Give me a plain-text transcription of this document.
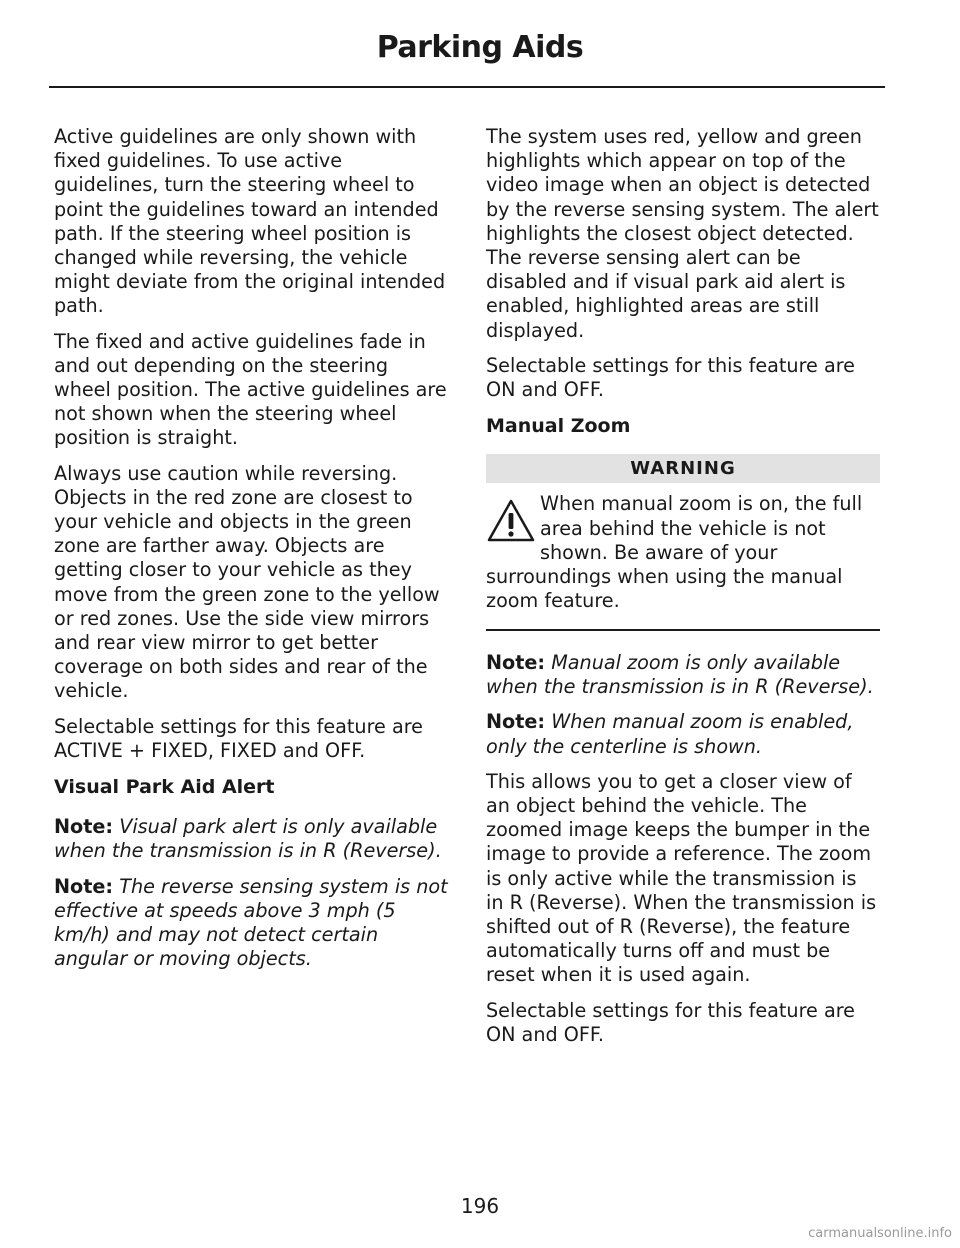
Parking Aids

Active guidelines are only shown with fixed guidelines. To use active guidelines, turn the steering wheel to point the guidelines toward an intended path. If the steering wheel position is changed while reversing, the vehicle might deviate from the original intended path.

The fixed and active guidelines fade in and out depending on the steering wheel position. The active guidelines are not shown when the steering wheel position is straight.

Always use caution while reversing. Objects in the red zone are closest to your vehicle and objects in the green zone are farther away. Objects are getting closer to your vehicle as they move from the green zone to the yellow or red zones. Use the side view mirrors and rear view mirror to get better coverage on both sides and rear of the vehicle.

Selectable settings for this feature are ACTIVE + FIXED, FIXED and OFF.

Visual Park Aid Alert

Note: Visual park alert is only available when the transmission is in R (Reverse).

Note: The reverse sensing system is not effective at speeds above 3 mph (5 km/h) and may not detect certain angular or moving objects.

The system uses red, yellow and green highlights which appear on top of the video image when an object is detected by the reverse sensing system. The alert highlights the closest object detected. The reverse sensing alert can be disabled and if visual park aid alert is enabled, highlighted areas are still displayed.

Selectable settings for this feature are ON and OFF.

Manual Zoom

WARNING
When manual zoom is on, the full area behind the vehicle is not shown. Be aware of your surroundings when using the manual zoom feature.

Note: Manual zoom is only available when the transmission is in R (Reverse).

Note: When manual zoom is enabled, only the centerline is shown.

This allows you to get a closer view of an object behind the vehicle. The zoomed image keeps the bumper in the image to provide a reference. The zoom is only active while the transmission is in R (Reverse). When the transmission is shifted out of R (Reverse), the feature automatically turns off and must be reset when it is used again.

Selectable settings for this feature are ON and OFF.

196
carmanualsonline.info
